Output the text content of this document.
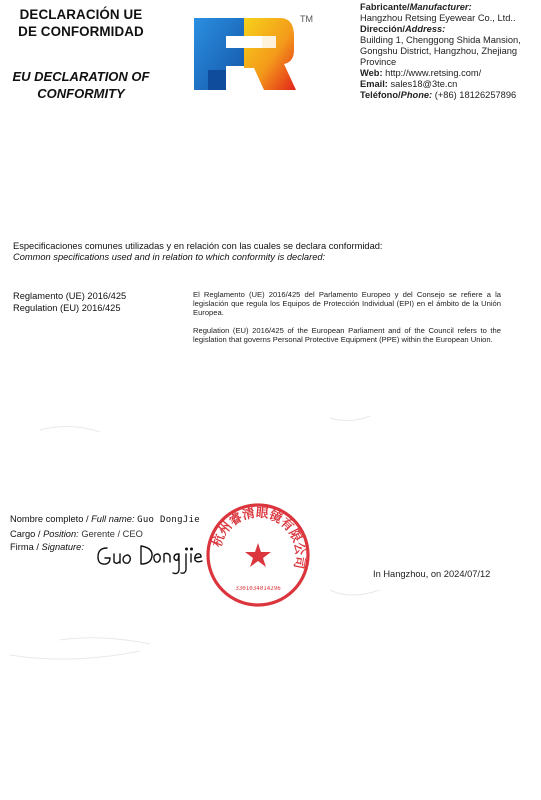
DECLARACIÓN UE DE CONFORMIDAD
EU DECLARATION OF CONFORMITY
TM
Fabricante/Manufacturer:
Hangzhou Retsing Eyewear Co., Ltd..
Dirección/Address:
Building 1, Chenggong Shida Mansion, Gongshu District, Hangzhou, Zhejiang Province
Web: http://www.retsing.com/
Email: sales18@3te.cn
Teléfono/Phone: (+86) 18126257896
Especificaciones comunes utilizadas y en relación con las cuales se declara conformidad:
Common specifications used and in relation to which conformity is declared:
Reglamento (UE) 2016/425
Regulation (EU) 2016/425

El Reglamento (UE) 2016/425 del Parlamento Europeo y del Consejo se refiere a la legislación que regula los Equipos de Protección Individual (EPI) en el ámbito de la Unión Europea.

Regulation (EU) 2016/425 of the European Parliament and of the Council refers to the legislation that governs Personal Protective Equipment (PPE) within the European Union.

Nombre completo / Full name: Guo DongJie
Cargo / Position: Gerente / CEO
Firma / Signature:	杭州睿清眼镜有限公司
3301034014296
In Hangzhou, on 2024/07/12
